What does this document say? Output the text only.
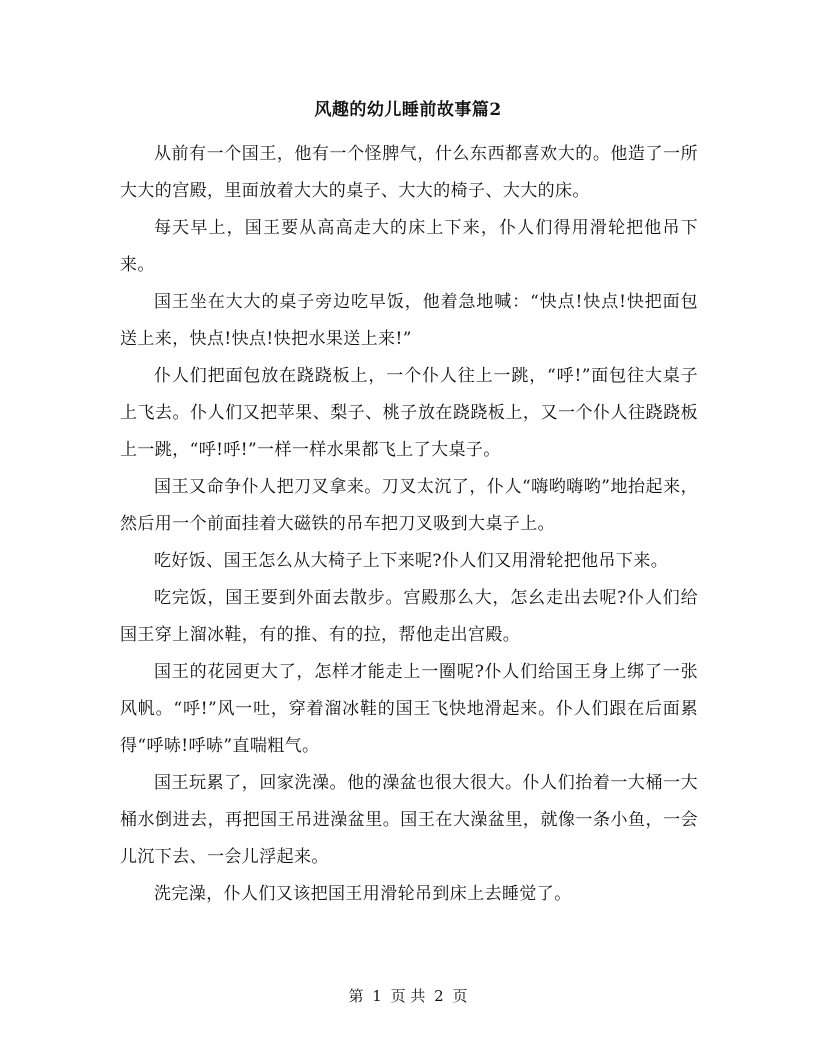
风趣的幼儿睡前故事篇2

从前有一个国王，他有一个怪脾气，什么东西都喜欢大的。他造了一所大大的宫殿，里面放着大大的桌子、大大的椅子、大大的床。

每天早上，国王要从高高走大的床上下来，仆人们得用滑轮把他吊下来。

国王坐在大大的桌子旁边吃早饭，他着急地喊：“快点!快点!快把面包送上来，快点!快点!快把水果送上来!”

仆人们把面包放在跷跷板上，一个仆人往上一跳，“呼!”面包往大桌子上飞去。仆人们又把苹果、梨子、桃子放在跷跷板上，又一个仆人往跷跷板上一跳，“呼!呼!”一样一样水果都飞上了大桌子。

国王又命争仆人把刀叉拿来。刀叉太沉了，仆人“嗨哟嗨哟”地抬起来，然后用一个前面挂着大磁铁的吊车把刀叉吸到大桌子上。

吃好饭、国王怎么从大椅子上下来呢?仆人们又用滑轮把他吊下来。

吃完饭，国王要到外面去散步。宫殿那么大，怎幺走出去呢?仆人们给国王穿上溜冰鞋，有的推、有的拉，帮他走出宫殿。

国王的花园更大了，怎样才能走上一圈呢?仆人们给国王身上绑了一张风帆。“呼!”风一吐，穿着溜冰鞋的国王飞快地滑起来。仆人们跟在后面累得“呼哧!呼哧”直喘粗气。

国王玩累了，回家洗澡。他的澡盆也很大很大。仆人们抬着一大桶一大桶水倒进去，再把国王吊进澡盆里。国王在大澡盆里，就像一条小鱼，一会儿沉下去、一会儿浮起来。

洗完澡，仆人们又该把国王用滑轮吊到床上去睡觉了。

第 1 页 共 2 页
